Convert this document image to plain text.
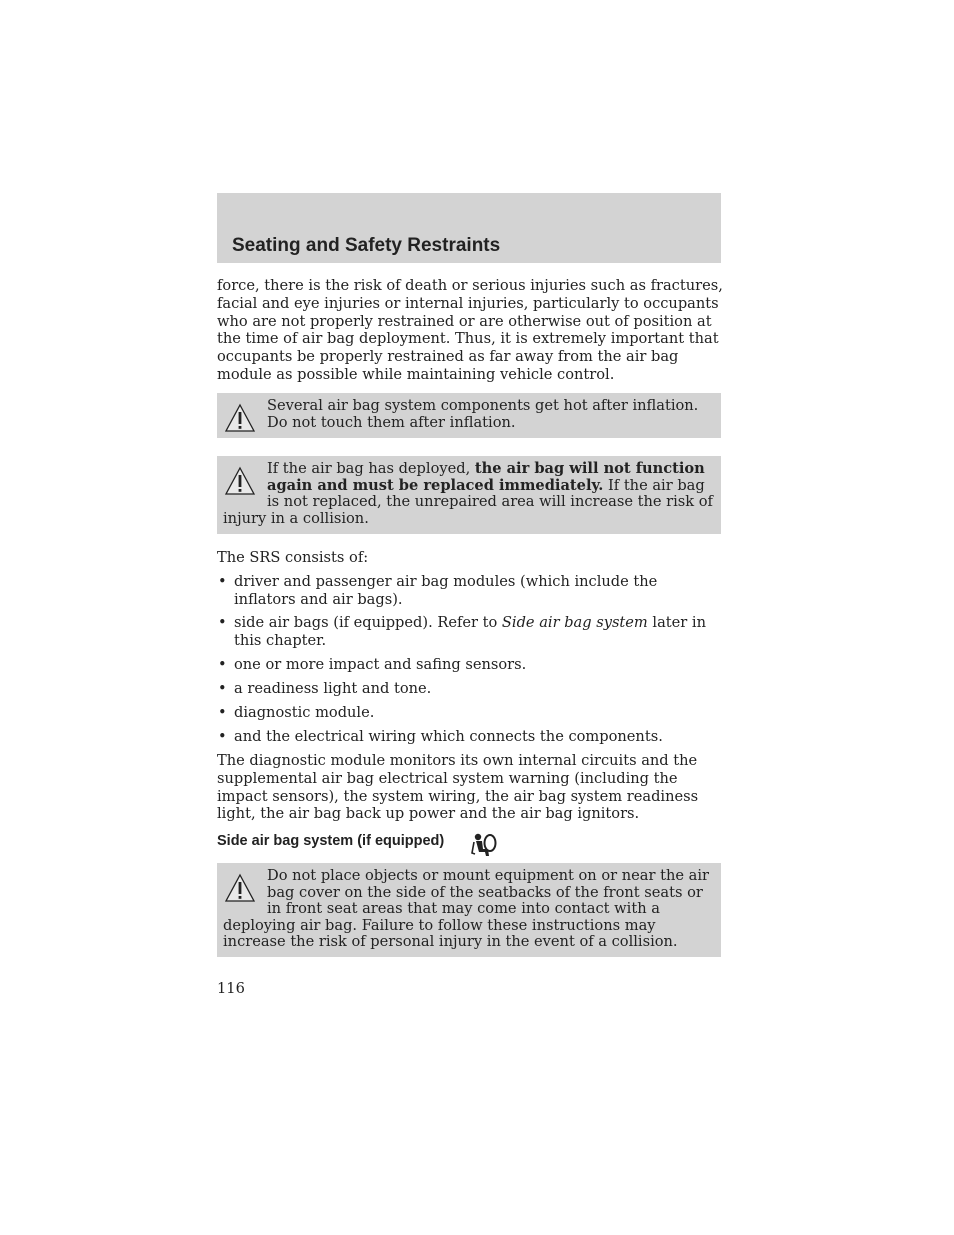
Seating and Safety Restraints

force, there is the risk of death or serious injuries such as fractures, facial and eye injuries or internal injuries, particularly to occupants who are not properly restrained or are otherwise out of position at the time of air bag deployment. Thus, it is extremely important that occupants be properly restrained as far away from the air bag module as possible while maintaining vehicle control.

Several air bag system components get hot after inflation. Do not touch them after inflation.

If the air bag has deployed, the air bag will not function again and must be replaced immediately. If the air bag is not replaced, the unrepaired area will increase the risk of injury in a collision.

The SRS consists of:

• driver and passenger air bag modules (which include the inflators and air bags).
• side air bags (if equipped). Refer to Side air bag system later in this chapter.
• one or more impact and safing sensors.
• a readiness light and tone.
• diagnostic module.
• and the electrical wiring which connects the components.

The diagnostic module monitors its own internal circuits and the supplemental air bag electrical system warning (including the impact sensors), the system wiring, the air bag system readiness light, the air bag back up power and the air bag ignitors.

Side air bag system (if equipped)

Do not place objects or mount equipment on or near the air bag cover on the side of the seatbacks of the front seats or in front seat areas that may come into contact with a deploying air bag. Failure to follow these instructions may increase the risk of personal injury in the event of a collision.

116
